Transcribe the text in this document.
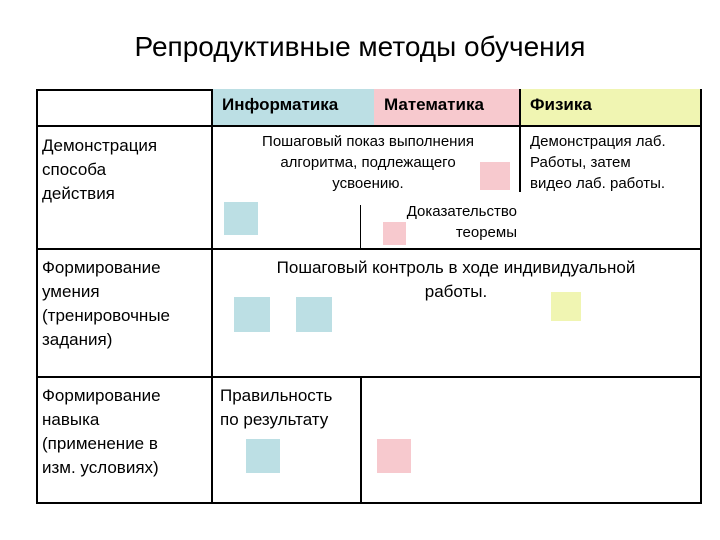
Репродуктивные методы обучения
Информатика	Математика	Физика
Демонстрация
способа
действия
Формирование
умения
(тренировочные
задания)
Формирование
навыка
(применение в
изм. условиях)
Пошаговый показ выполнения
алгоритма, подлежащего
усвоению.
Доказательство
теоремы
Демонстрация лаб.
Работы, затем
видео лаб. работы.
Пошаговый контроль в ходе индивидуальной
работы.
Правильность
по результату
